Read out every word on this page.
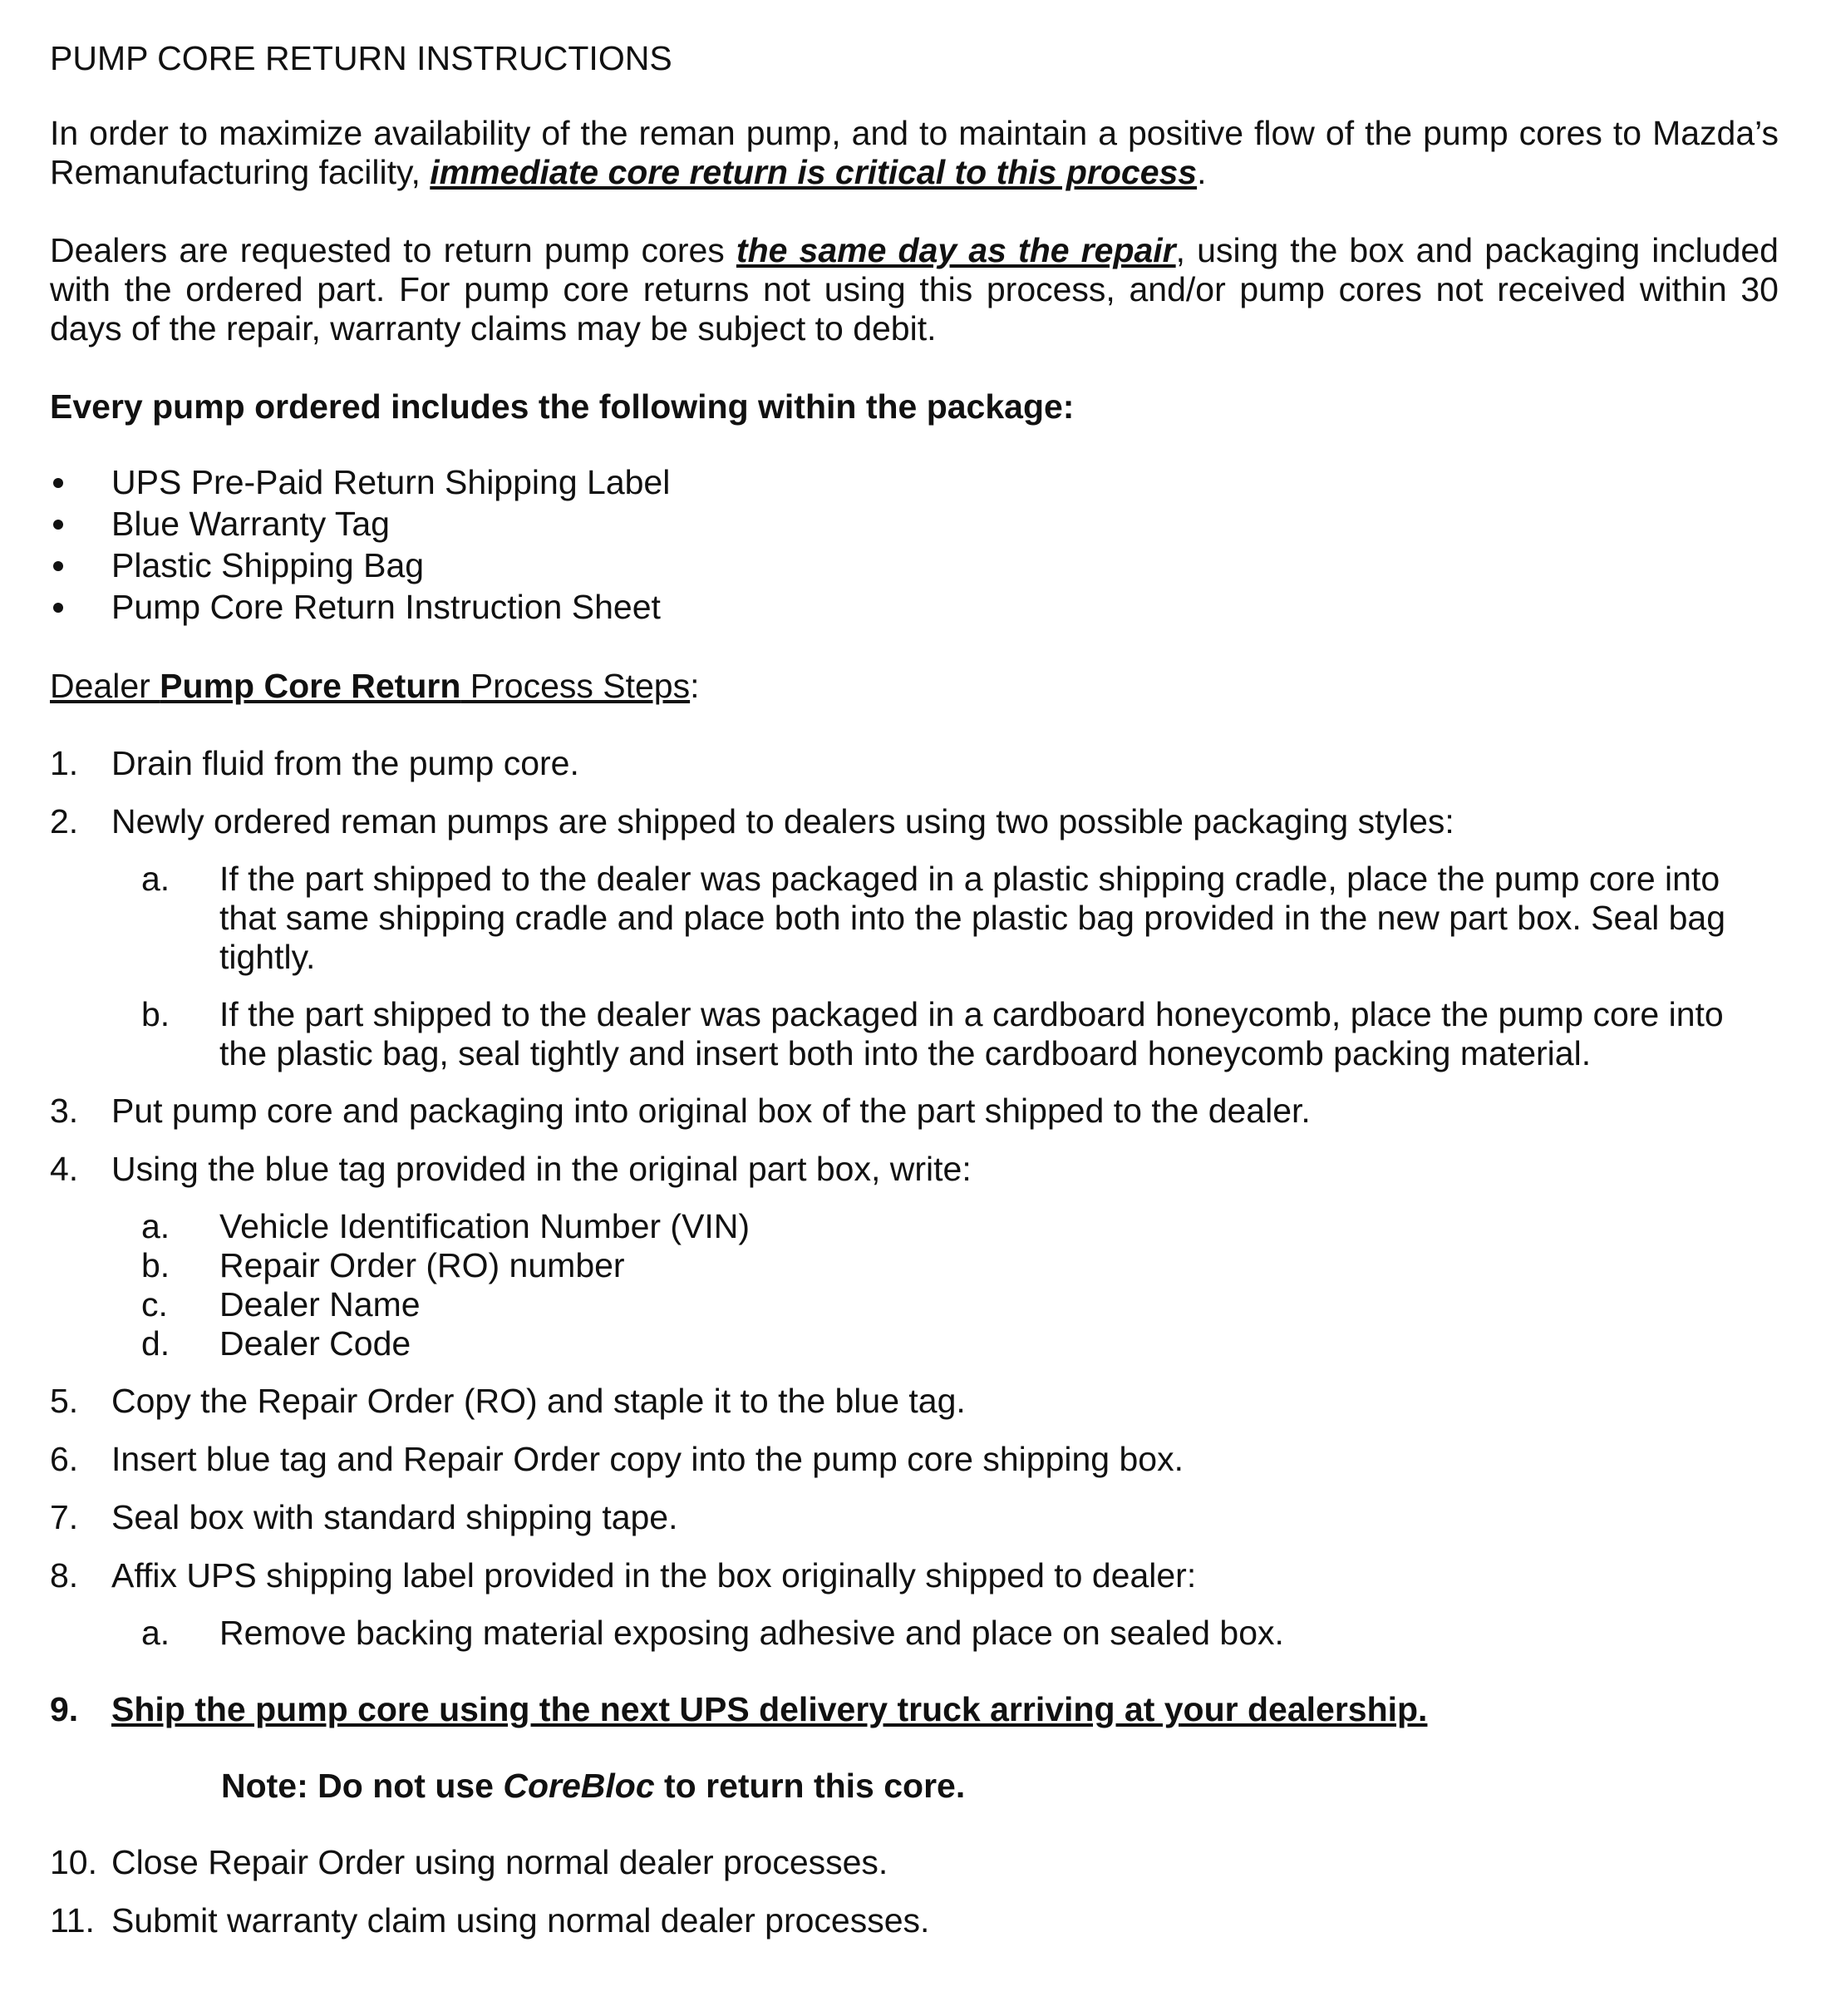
PUMP CORE RETURN INSTRUCTIONS

In order to maximize availability of the reman pump, and to maintain a positive flow of the pump cores to Mazda’s Remanufacturing facility, immediate core return is critical to this process.

Dealers are requested to return pump cores the same day as the repair, using the box and packaging included with the ordered part. For pump core returns not using this process, and/or pump cores not received within 30 days of the repair, warranty claims may be subject to debit.

Every pump ordered includes the following within the package:

UPS Pre-Paid Return Shipping Label
Blue Warranty Tag
Plastic Shipping Bag
Pump Core Return Instruction Sheet

Dealer Pump Core Return Process Steps:

1. Drain fluid from the pump core.
2. Newly ordered reman pumps are shipped to dealers using two possible packaging styles:
a. If the part shipped to the dealer was packaged in a plastic shipping cradle, place the pump core into that same shipping cradle and place both into the plastic bag provided in the new part box. Seal bag tightly.
b. If the part shipped to the dealer was packaged in a cardboard honeycomb, place the pump core into the plastic bag, seal tightly and insert both into the cardboard honeycomb packing material.
3. Put pump core and packaging into original box of the part shipped to the dealer.
4. Using the blue tag provided in the original part box, write:
a. Vehicle Identification Number (VIN)
b. Repair Order (RO) number
c. Dealer Name
d. Dealer Code
5. Copy the Repair Order (RO) and staple it to the blue tag.
6. Insert blue tag and Repair Order copy into the pump core shipping box.
7. Seal box with standard shipping tape.
8. Affix UPS shipping label provided in the box originally shipped to dealer:
a. Remove backing material exposing adhesive and place on sealed box.
9. Ship the pump core using the next UPS delivery truck arriving at your dealership.

Note: Do not use CoreBloc to return this core.

10. Close Repair Order using normal dealer processes.
11. Submit warranty claim using normal dealer processes.
